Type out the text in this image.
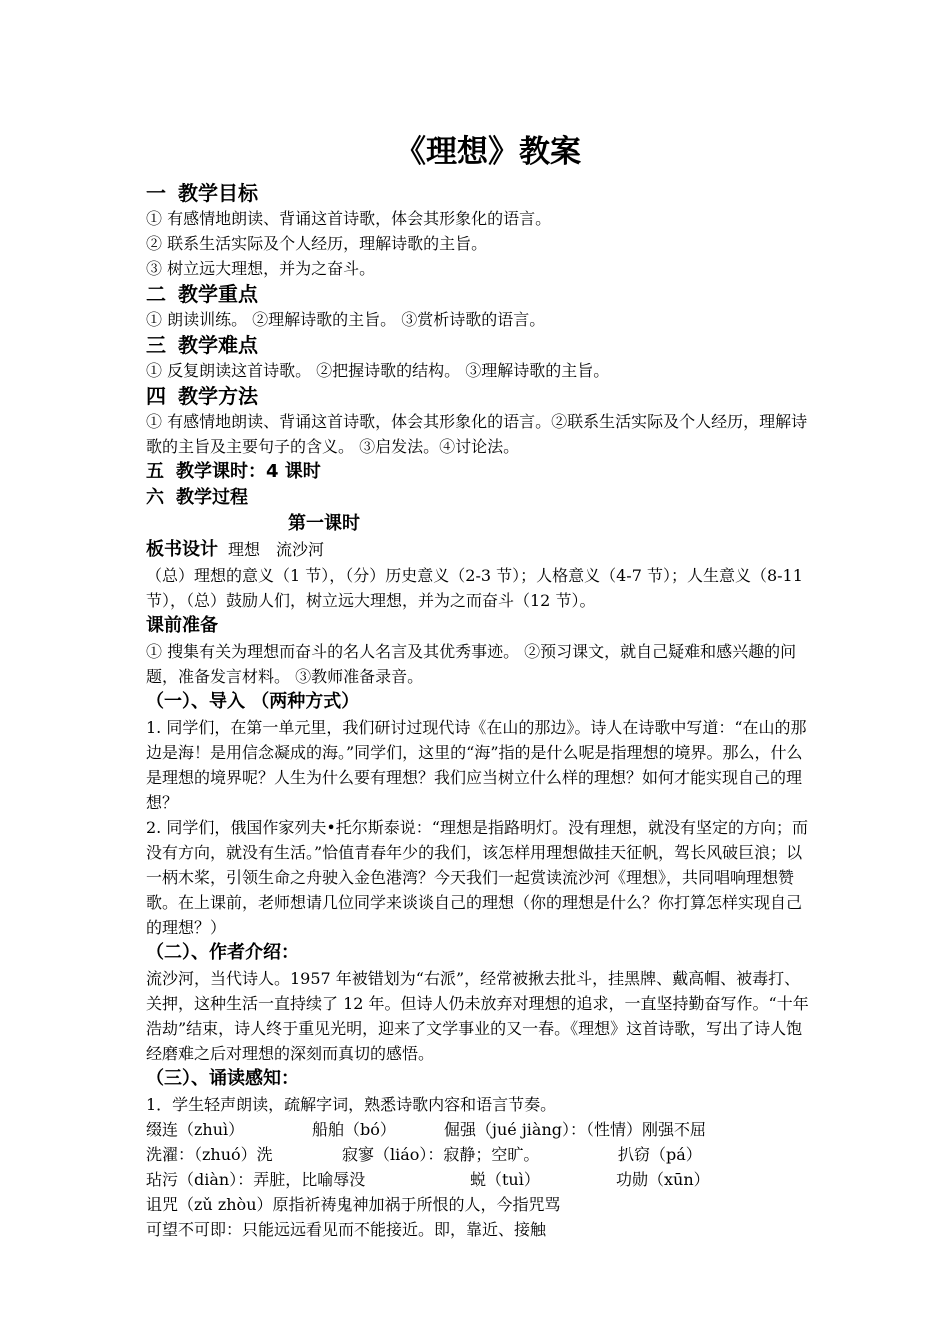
《理想》教案
一 教学目标

① 有感情地朗读、背诵这首诗歌，体会其形象化的语言。

② 联系生活实际及个人经历，理解诗歌的主旨。

③ 树立远大理想，并为之奋斗。

二 教学重点

① 朗读训练。 ②理解诗歌的主旨。 ③赏析诗歌的语言。

三 教学难点

① 反复朗读这首诗歌。 ②把握诗歌的结构。 ③理解诗歌的主旨。

四 教学方法

① 有感情地朗读、背诵这首诗歌，体会其形象化的语言。②联系生活实际及个人经历，理解诗歌的主旨及主要句子的含义。 ③启发法。④讨论法。

五 教学课时：4 课时
六 教学过程
第一课时
板书设计 理想　流沙河

（总）理想的意义（1 节），（分）历史意义（2-3 节）；人格意义（4-7 节）；人生意义（8-11 节），（总）鼓励人们，树立远大理想，并为之而奋斗（12 节）。

课前准备

① 搜集有关为理想而奋斗的名人名言及其优秀事迹。 ②预习课文，就自己疑难和感兴趣的问题，准备发言材料。 ③教师准备录音。

（一）、导入 （两种方式）

1. 同学们，在第一单元里，我们研讨过现代诗《在山的那边》。诗人在诗歌中写道：“在山的那边是海！是用信念凝成的海。”同学们，这里的“海”指的是什么呢是指理想的境界。那么，什么是理想的境界呢？人生为什么要有理想？我们应当树立什么样的理想？如何才能实现自己的理想？

2. 同学们，俄国作家列夫•托尔斯泰说：“理想是指路明灯。没有理想，就没有坚定的方向；而没有方向，就没有生活。”恰值青春年少的我们，该怎样用理想做挂天征帆，驾长风破巨浪；以一柄木桨，引领生命之舟驶入金色港湾？今天我们一起赏读流沙河《理想》，共同唱响理想赞歌。在上课前，老师想请几位同学来谈谈自己的理想（你的理想是什么？你打算怎样实现自己的理想？）

（二）、作者介绍：

流沙河，当代诗人。1957 年被错划为“右派”，经常被揪去批斗，挂黑牌、戴高帽、被毒打、关押，这种生活一直持续了 12 年。但诗人仍未放弃对理想的追求，一直坚持勤奋写作。“十年浩劫”结束，诗人终于重见光明，迎来了文学事业的又一春。《理想》这首诗歌，写出了诗人饱经磨难之后对理想的深刻而真切的感悟。

（三）、诵读感知：

1．学生轻声朗读，疏解字词，熟悉诗歌内容和语言节奏。

缀连（zhuì）	船舶（bó）	倔强（jué jiàng）：（性情）刚强不屈
洗濯：（zhuó）洗	寂寥（liáo）：寂静；空旷。	扒窃（pá）
玷污（diàn）：弄脏，比喻辱没	蜕（tuì）	功勋（xūn）

诅咒（zǔ zhòu）原指祈祷鬼神加祸于所恨的人，今指咒骂

可望不可即：只能远远看见而不能接近。即，靠近、接触
